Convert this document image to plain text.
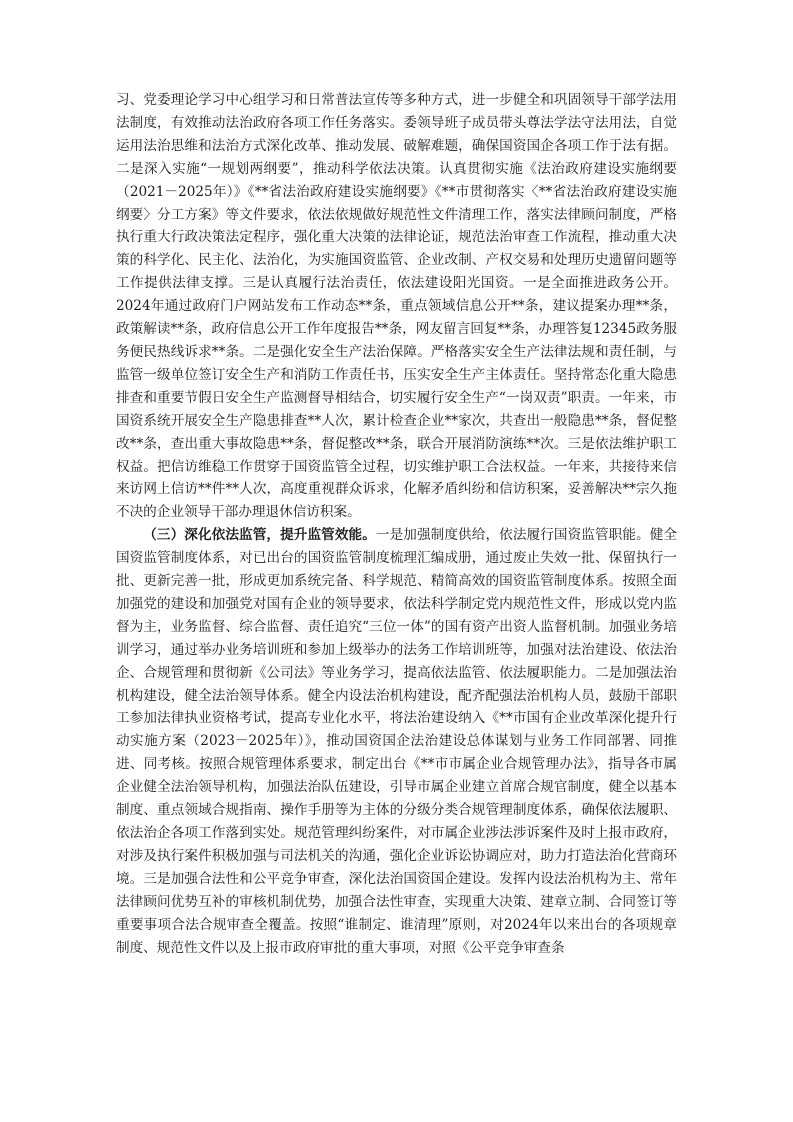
习、党委理论学习中心组学习和日常普法宣传等多种方式，进一步健全和巩固领导干部学法用法制度，有效推动法治政府各项工作任务落实。委领导班子成员带头尊法学法守法用法，自觉运用法治思维和法治方式深化改革、推动发展、破解难题，确保国资国企各项工作于法有据。二是深入实施“一规划两纲要”，推动科学依法决策。认真贯彻实施《法治政府建设实施纲要（2021－2025年）》《**省法治政府建设实施纲要》《**市贯彻落实〈**省法治政府建设实施纲要〉分工方案》等文件要求，依法依规做好规范性文件清理工作，落实法律顾问制度，严格执行重大行政决策法定程序，强化重大决策的法律论证，规范法治审查工作流程，推动重大决策的科学化、民主化、法治化，为实施国资监管、企业改制、产权交易和处理历史遗留问题等工作提供法律支撑。三是认真履行法治责任，依法建设阳光国资。一是全面推进政务公开。2024年通过政府门户网站发布工作动态**条，重点领域信息公开**条，建议提案办理**条，政策解读**条，政府信息公开工作年度报告**条，网友留言回复**条，办理答复12345政务服务便民热线诉求**条。二是强化安全生产法治保障。严格落实安全生产法律法规和责任制，与监管一级单位签订安全生产和消防工作责任书，压实安全生产主体责任。坚持常态化重大隐患排查和重要节假日安全生产监测督导相结合，切实履行安全生产“一岗双责”职责。一年来，市国资系统开展安全生产隐患排查**人次，累计检查企业**家次，共查出一般隐患**条，督促整改**条，查出重大事故隐患**条，督促整改**条，联合开展消防演练**次。三是依法维护职工权益。把信访维稳工作贯穿于国资监管全过程，切实维护职工合法权益。一年来，共接待来信来访网上信访**件**人次，高度重视群众诉求，化解矛盾纠纷和信访积案，妥善解决**宗久拖不决的企业领导干部办理退休信访积案。

（三）深化依法监管，提升监管效能。一是加强制度供给，依法履行国资监管职能。健全国资监管制度体系，对已出台的国资监管制度梳理汇编成册，通过废止失效一批、保留执行一批、更新完善一批，形成更加系统完备、科学规范、精简高效的国资监管制度体系。按照全面加强党的建设和加强党对国有企业的领导要求，依法科学制定党内规范性文件，形成以党内监督为主，业务监督、综合监督、责任追究“三位一体”的国有资产出资人监督机制。加强业务培训学习，通过举办业务培训班和参加上级举办的法务工作培训班等，加强对法治建设、依法治企、合规管理和贯彻新《公司法》等业务学习，提高依法监管、依法履职能力。二是加强法治机构建设，健全法治领导体系。健全内设法治机构建设，配齐配强法治机构人员，鼓励干部职工参加法律执业资格考试，提高专业化水平，将法治建设纳入《**市国有企业改革深化提升行动实施方案（2023－2025年）》，推动国资国企法治建设总体谋划与业务工作同部署、同推进、同考核。按照合规管理体系要求，制定出台《**市市属企业合规管理办法》，指导各市属企业健全法治领导机构，加强法治队伍建设，引导市属企业建立首席合规官制度，健全以基本制度、重点领域合规指南、操作手册等为主体的分级分类合规管理制度体系，确保依法履职、依法治企各项工作落到实处。规范管理纠纷案件，对市属企业涉法涉诉案件及时上报市政府，对涉及执行案件积极加强与司法机关的沟通，强化企业诉讼协调应对，助力打造法治化营商环境。三是加强合法性和公平竞争审查，深化法治国资国企建设。发挥内设法治机构为主、常年法律顾问优势互补的审核机制优势，加强合法性审查，实现重大决策、建章立制、合同签订等重要事项合法合规审查全覆盖。按照“谁制定、谁清理”原则，对2024年以来出台的各项规章制度、规范性文件以及上报市政府审批的重大事项，对照《公平竞争审查条
